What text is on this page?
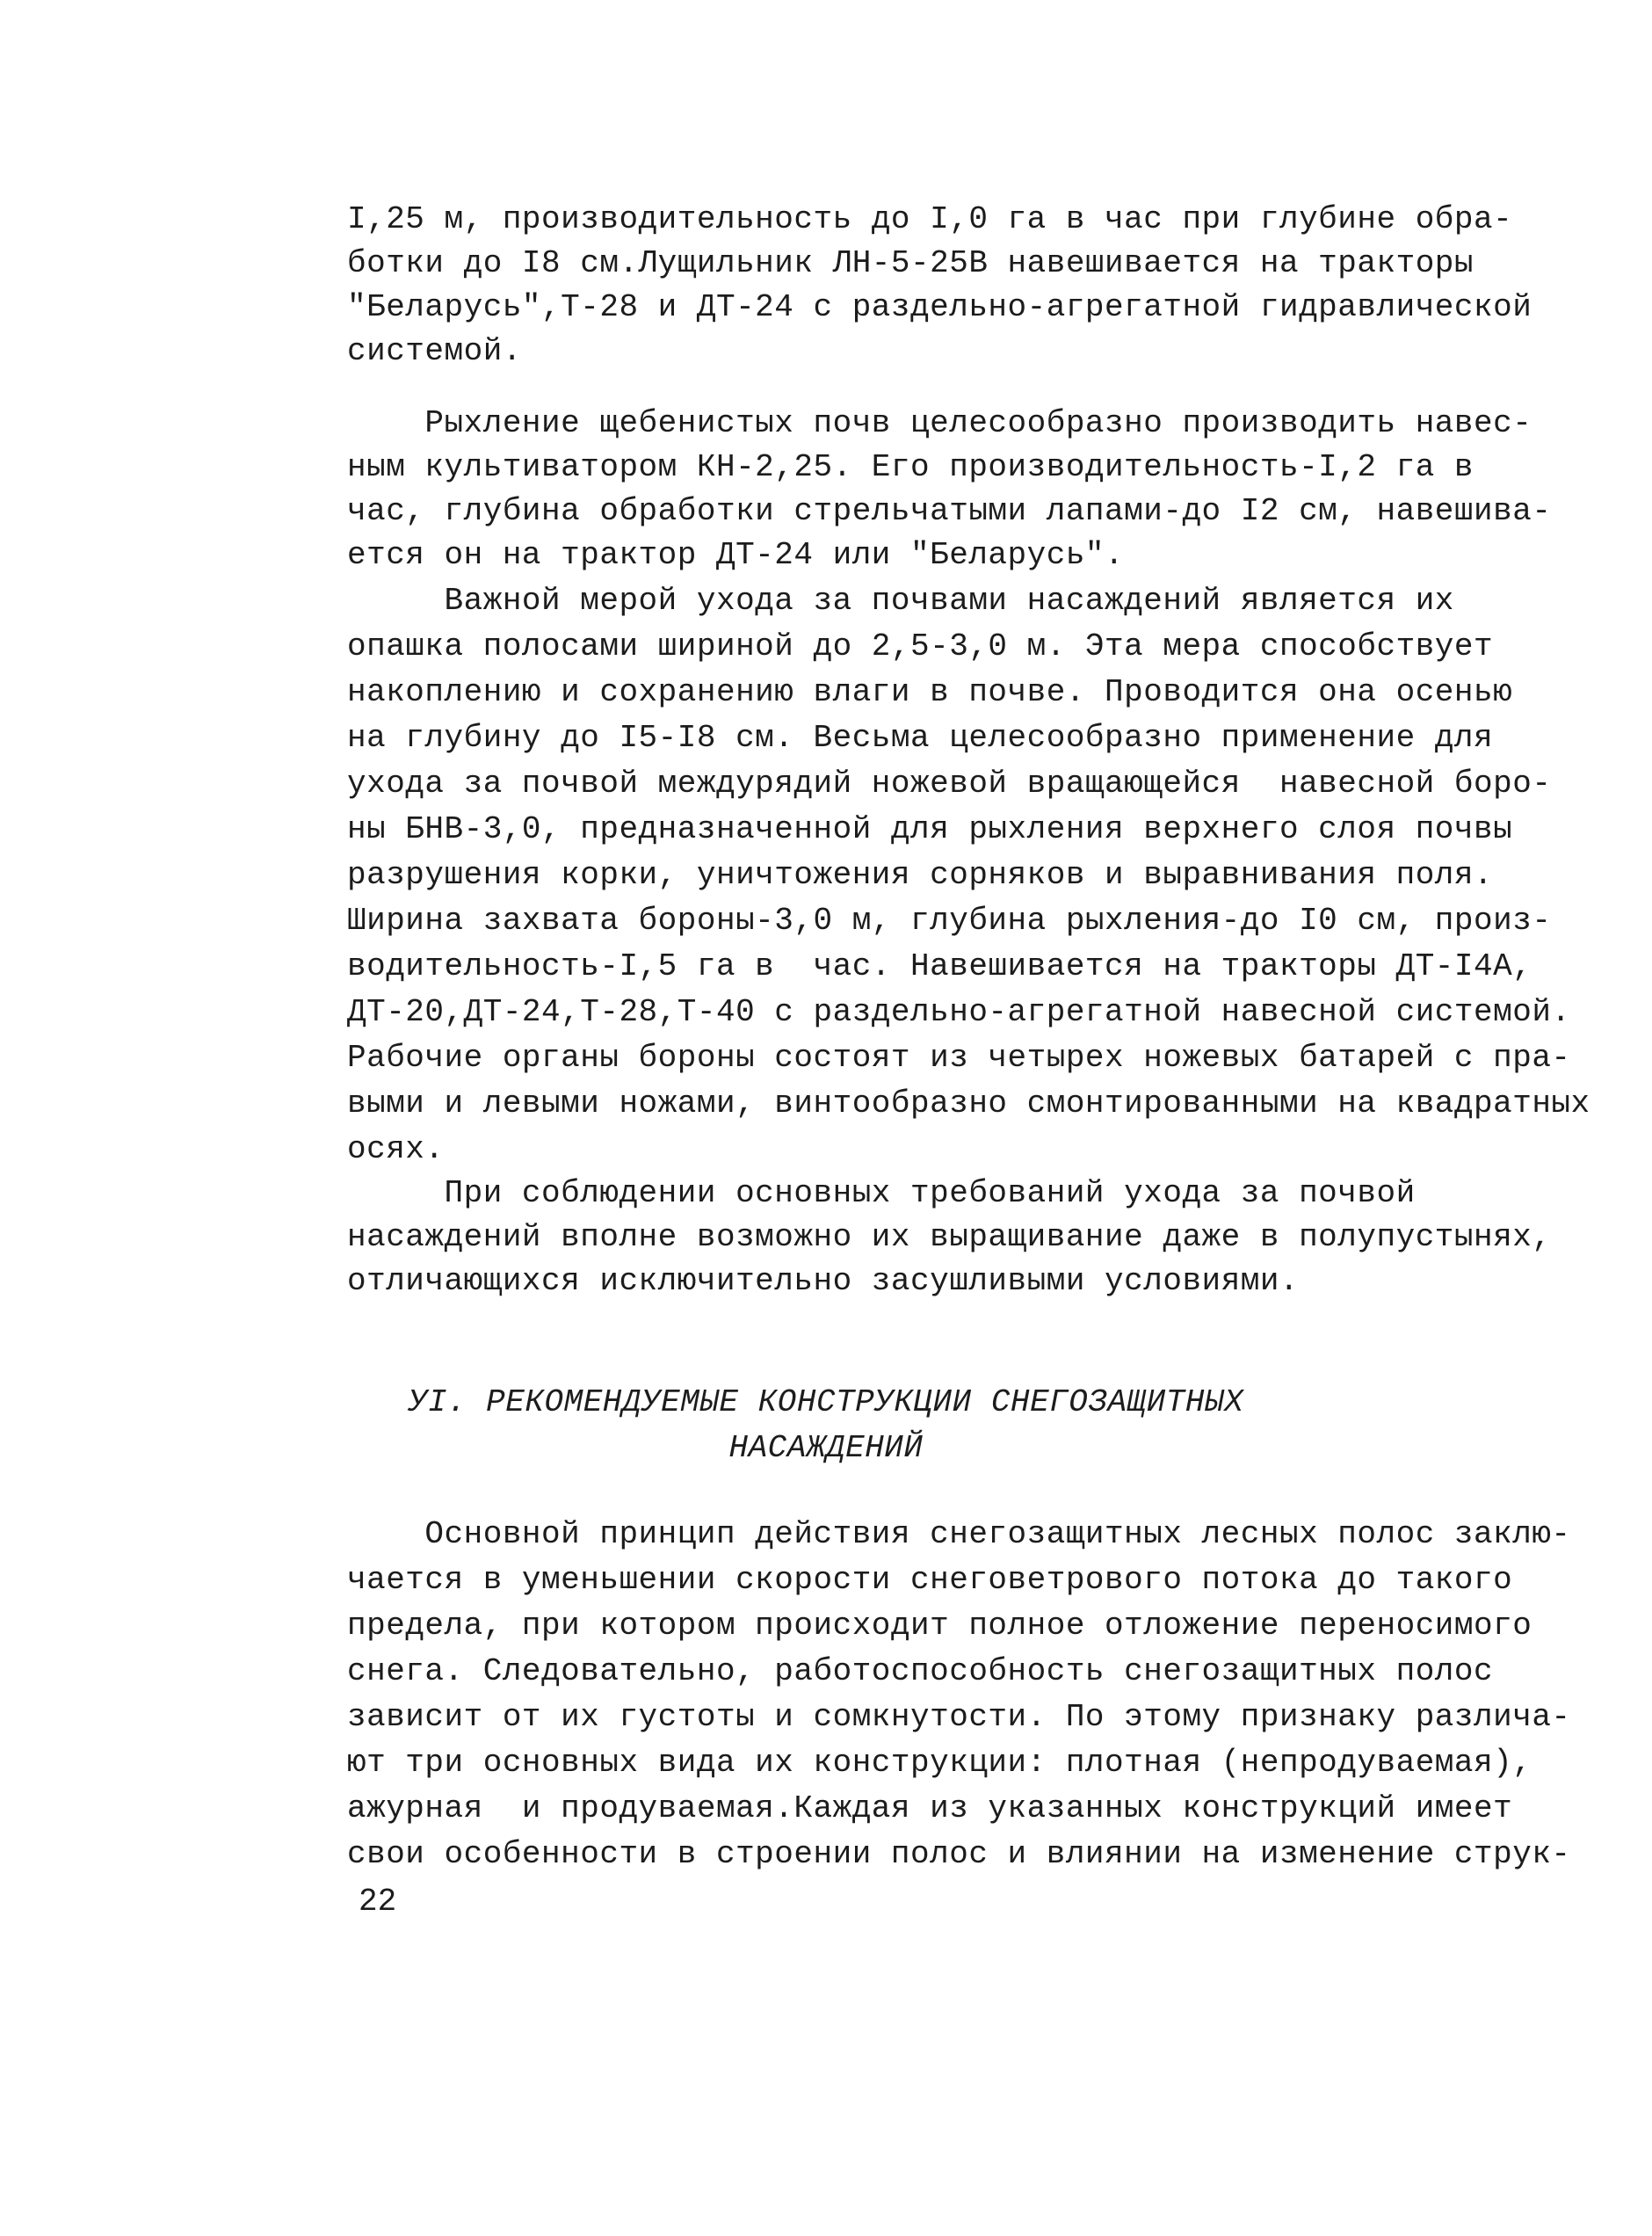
I,25 м, производительность до I,0 га в час при глубине обра-
ботки до I8 см.Лущильник ЛН-5-25В навешивается на тракторы
"Беларусь",Т-28 и ДТ-24 с раздельно-агрегатной гидравлической
системой.
Рыхление щебенистых почв целесообразно производить навес-
ным культиватором КН-2,25. Его производительность-I,2 га в
час, глубина обработки стрельчатыми лапами-до I2 см, навешива-
ется он на трактор ДТ-24 или "Беларусь".
Важной мерой ухода за почвами насаждений является их
опашка полосами шириной до 2,5-3,0 м. Эта мера способствует
накоплению и сохранению влаги в почве. Проводится она осенью
на глубину до I5-I8 см. Весьма целесообразно применение для
ухода за почвой междурядий ножевой вращающейся  навесной боро-
ны БНВ-3,0, предназначенной для рыхления верхнего слоя почвы
разрушения корки, уничтожения сорняков и выравнивания поля.
Ширина захвата бороны-3,0 м, глубина рыхления-до I0 см, произ-
водительность-I,5 га в  час. Навешивается на тракторы ДТ-I4А,
ДТ-20,ДТ-24,Т-28,Т-40 с раздельно-агрегатной навесной системой.
Рабочие органы бороны состоят из четырех ножевых батарей с пра-
выми и левыми ножами, винтообразно смонтированными на квадратных
осях.
При соблюдении основных требований ухода за почвой
насаждений вполне возможно их выращивание даже в полупустынях,
отличающихся исключительно засушливыми условиями.
УI. РЕКОМЕНДУЕМЫЕ КОНСТРУКЦИИ СНЕГОЗАЩИТНЫХ
НАСАЖДЕНИЙ
Основной принцип действия снегозащитных лесных полос заклю-
чается в уменьшении скорости снеговетрового потока до такого
предела, при котором происходит полное отложение переносимого
снега. Следовательно, работоспособность снегозащитных полос
зависит от их густоты и сомкнутости. По этому признаку различа-
ют три основных вида их конструкции: плотная (непродуваемая),
ажурная  и продуваемая.Каждая из указанных конструкций имеет
свои особенности в строении полос и влиянии на изменение струк-
22
